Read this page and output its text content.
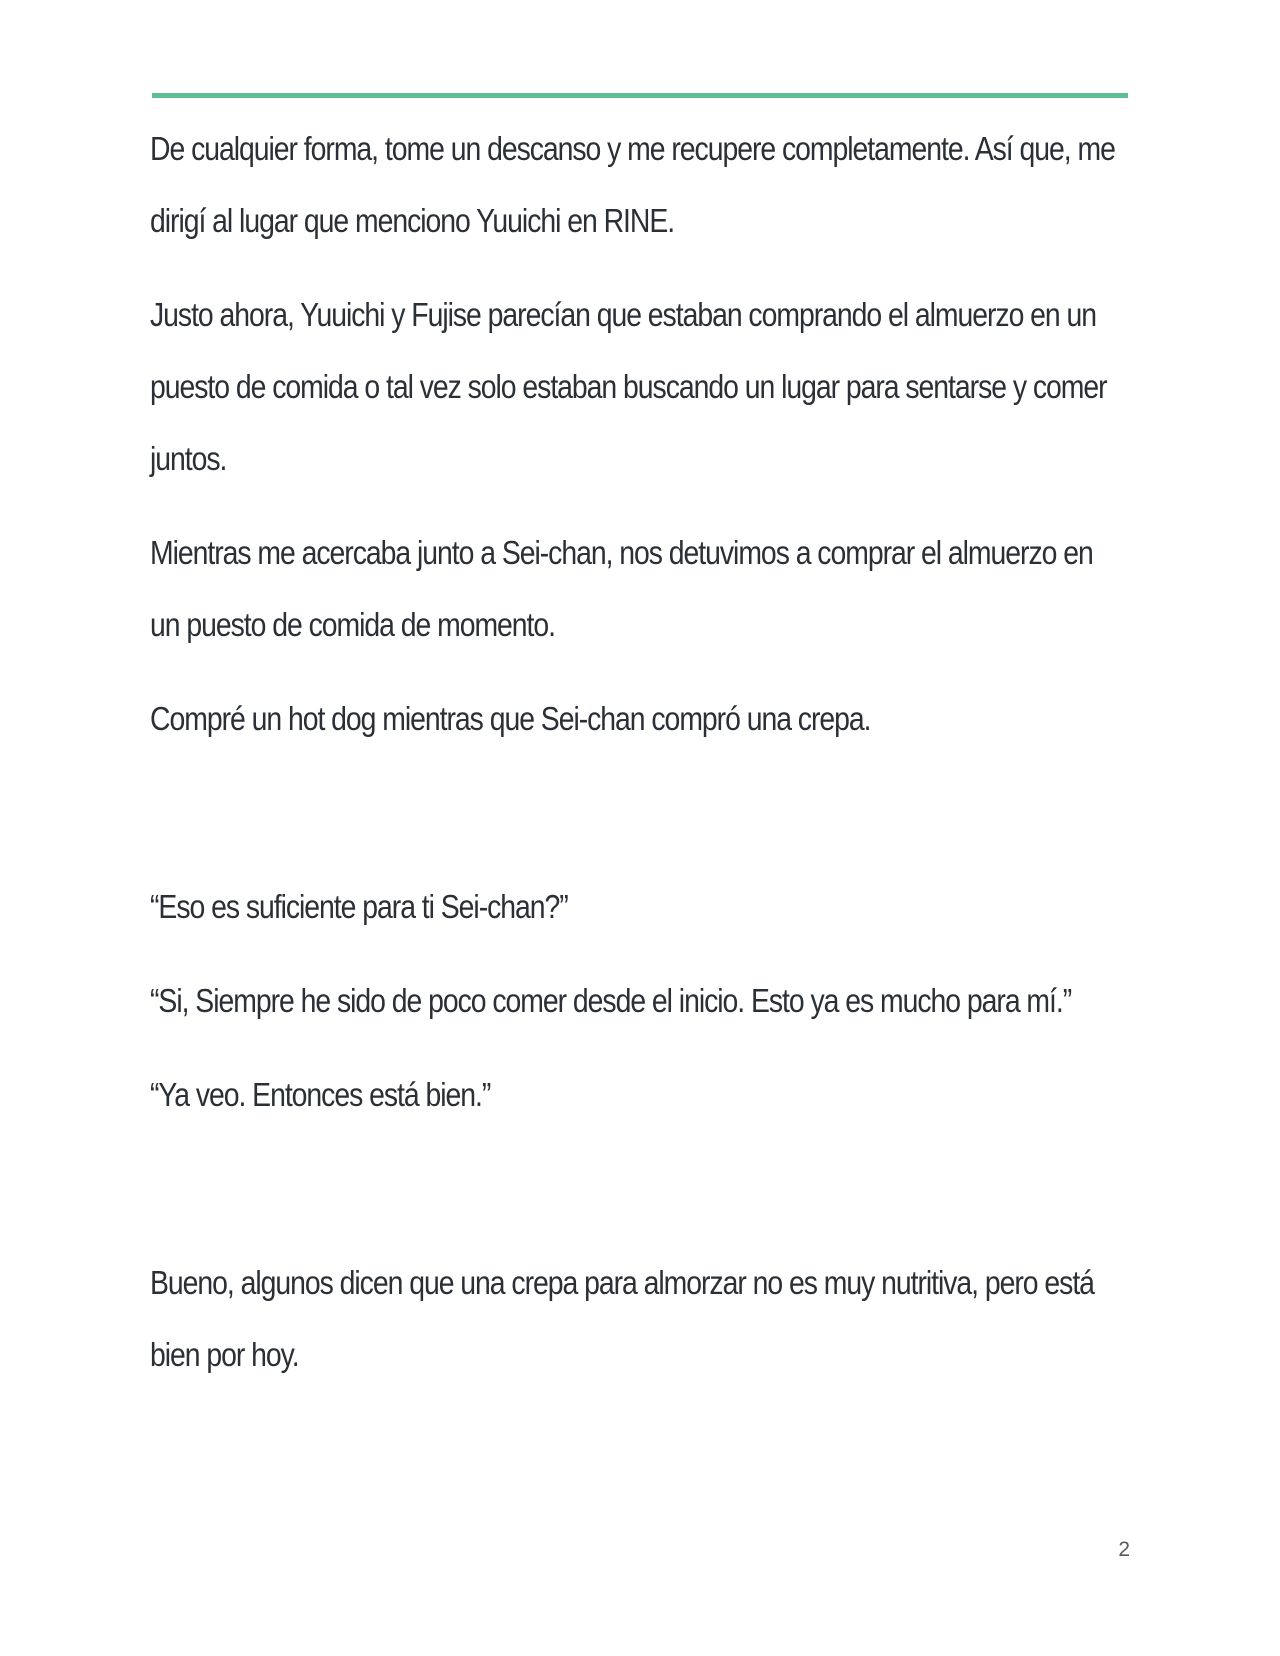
De cualquier forma, tome un descanso y me recupere completamente. Así que, me dirigí al lugar que menciono Yuuichi en RINE.

Justo ahora, Yuuichi y Fujise parecían que estaban comprando el almuerzo en un puesto de comida o tal vez solo estaban buscando un lugar para sentarse y comer juntos.

Mientras me acercaba junto a Sei-chan, nos detuvimos a comprar el almuerzo en un puesto de comida de momento.

Compré un hot dog mientras que Sei-chan compró una crepa.

“Eso es suficiente para ti Sei-chan?”

“Si, Siempre he sido de poco comer desde el inicio. Esto ya es mucho para mí.”

“Ya veo. Entonces está bien.”

Bueno, algunos dicen que una crepa para almorzar no es muy nutritiva, pero está bien por hoy.

2
